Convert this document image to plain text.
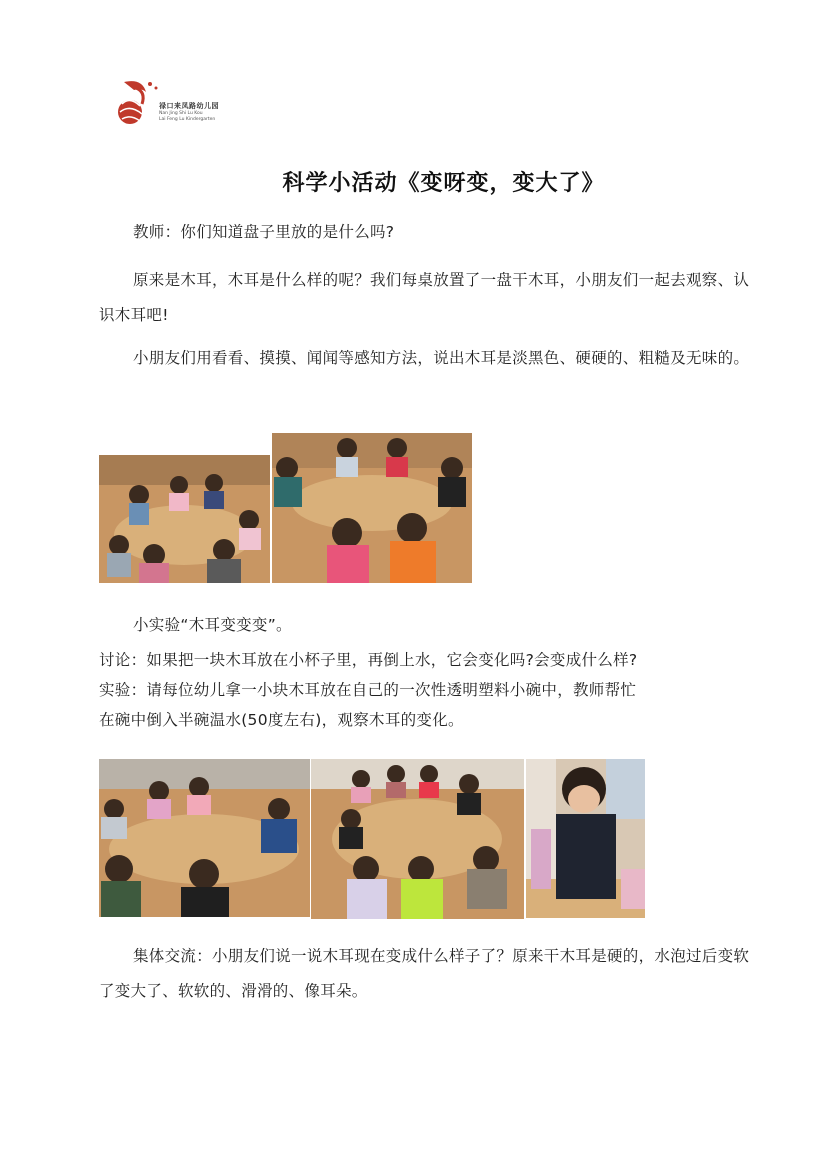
禄口来凤路幼儿园
Nan Jing Shi Lu Kou
Lai Feng Lu Kindergarten
科学小活动《变呀变，变大了》

教师：你们知道盘子里放的是什么吗?

原来是木耳，木耳是什么样的呢？我们每桌放置了一盘干木耳，小朋友们一起去观察、认识木耳吧!

小朋友们用看看、摸摸、闻闻等感知方法，说出木耳是淡黑色、硬硬的、粗糙及无味的。

小实验“木耳变变变”。

讨论：如果把一块木耳放在小杯子里，再倒上水，它会变化吗?会变成什么样?

实验：请每位幼儿拿一小块木耳放在自己的一次性透明塑料小碗中，教师帮忙

在碗中倒入半碗温水(50度左右)，观察木耳的变化。

集体交流：小朋友们说一说木耳现在变成什么样子了？原来干木耳是硬的，水泡过后变软了变大了、软软的、滑滑的、像耳朵。
